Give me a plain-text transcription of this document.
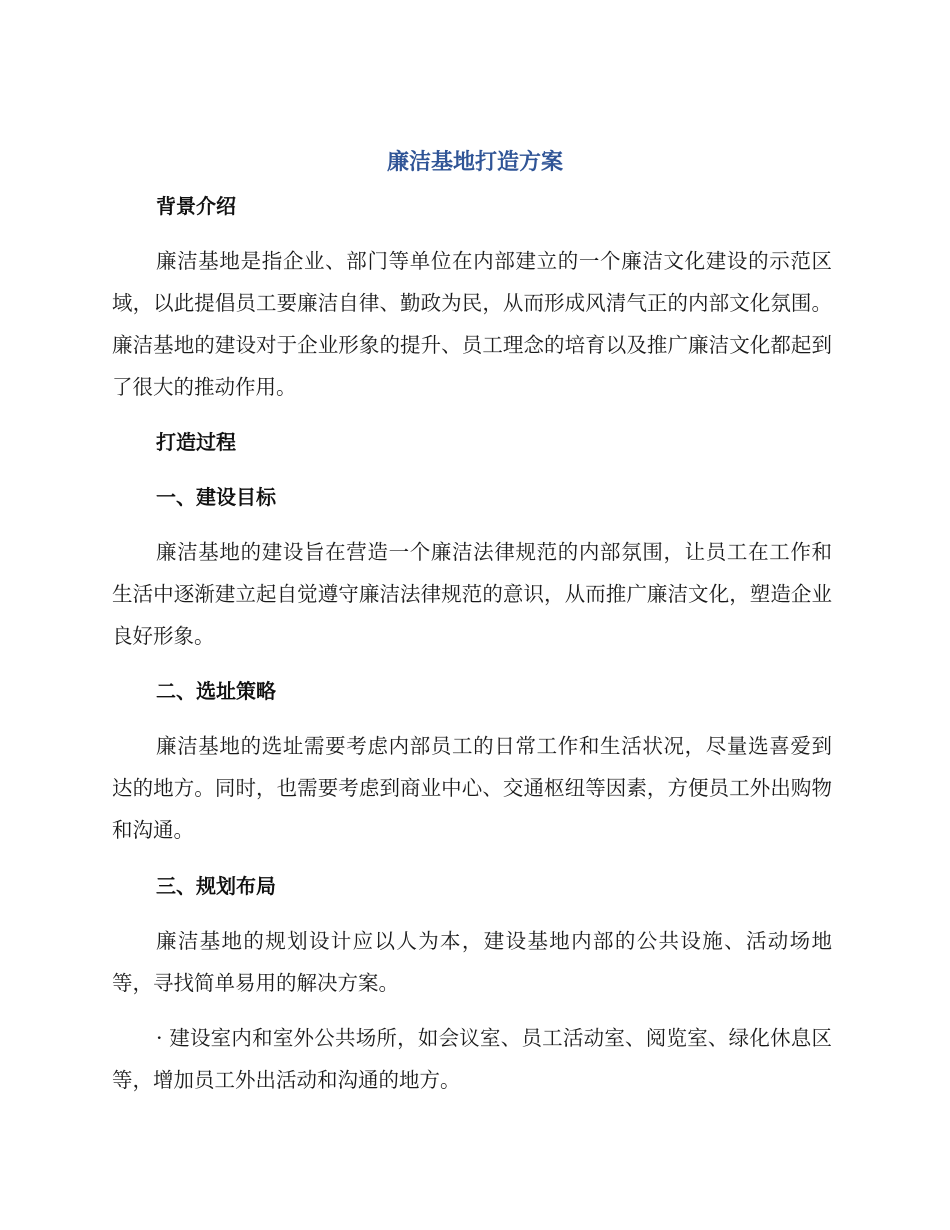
廉洁基地打造方案
背景介绍

廉洁基地是指企业、部门等单位在内部建立的一个廉洁文化建设的示范区域，以此提倡员工要廉洁自律、勤政为民，从而形成风清气正的内部文化氛围。廉洁基地的建设对于企业形象的提升、员工理念的培育以及推广廉洁文化都起到了很大的推动作用。

打造过程
一、建设目标

廉洁基地的建设旨在营造一个廉洁法律规范的内部氛围，让员工在工作和生活中逐渐建立起自觉遵守廉洁法律规范的意识，从而推广廉洁文化，塑造企业良好形象。

二、选址策略

廉洁基地的选址需要考虑内部员工的日常工作和生活状况，尽量选喜爱到达的地方。同时，也需要考虑到商业中心、交通枢纽等因素，方便员工外出购物和沟通。

三、规划布局

廉洁基地的规划设计应以人为本，建设基地内部的公共设施、活动场地等，寻找简单易用的解决方案。

· 建设室内和室外公共场所，如会议室、员工活动室、阅览室、绿化休息区等，增加员工外出活动和沟通的地方。
